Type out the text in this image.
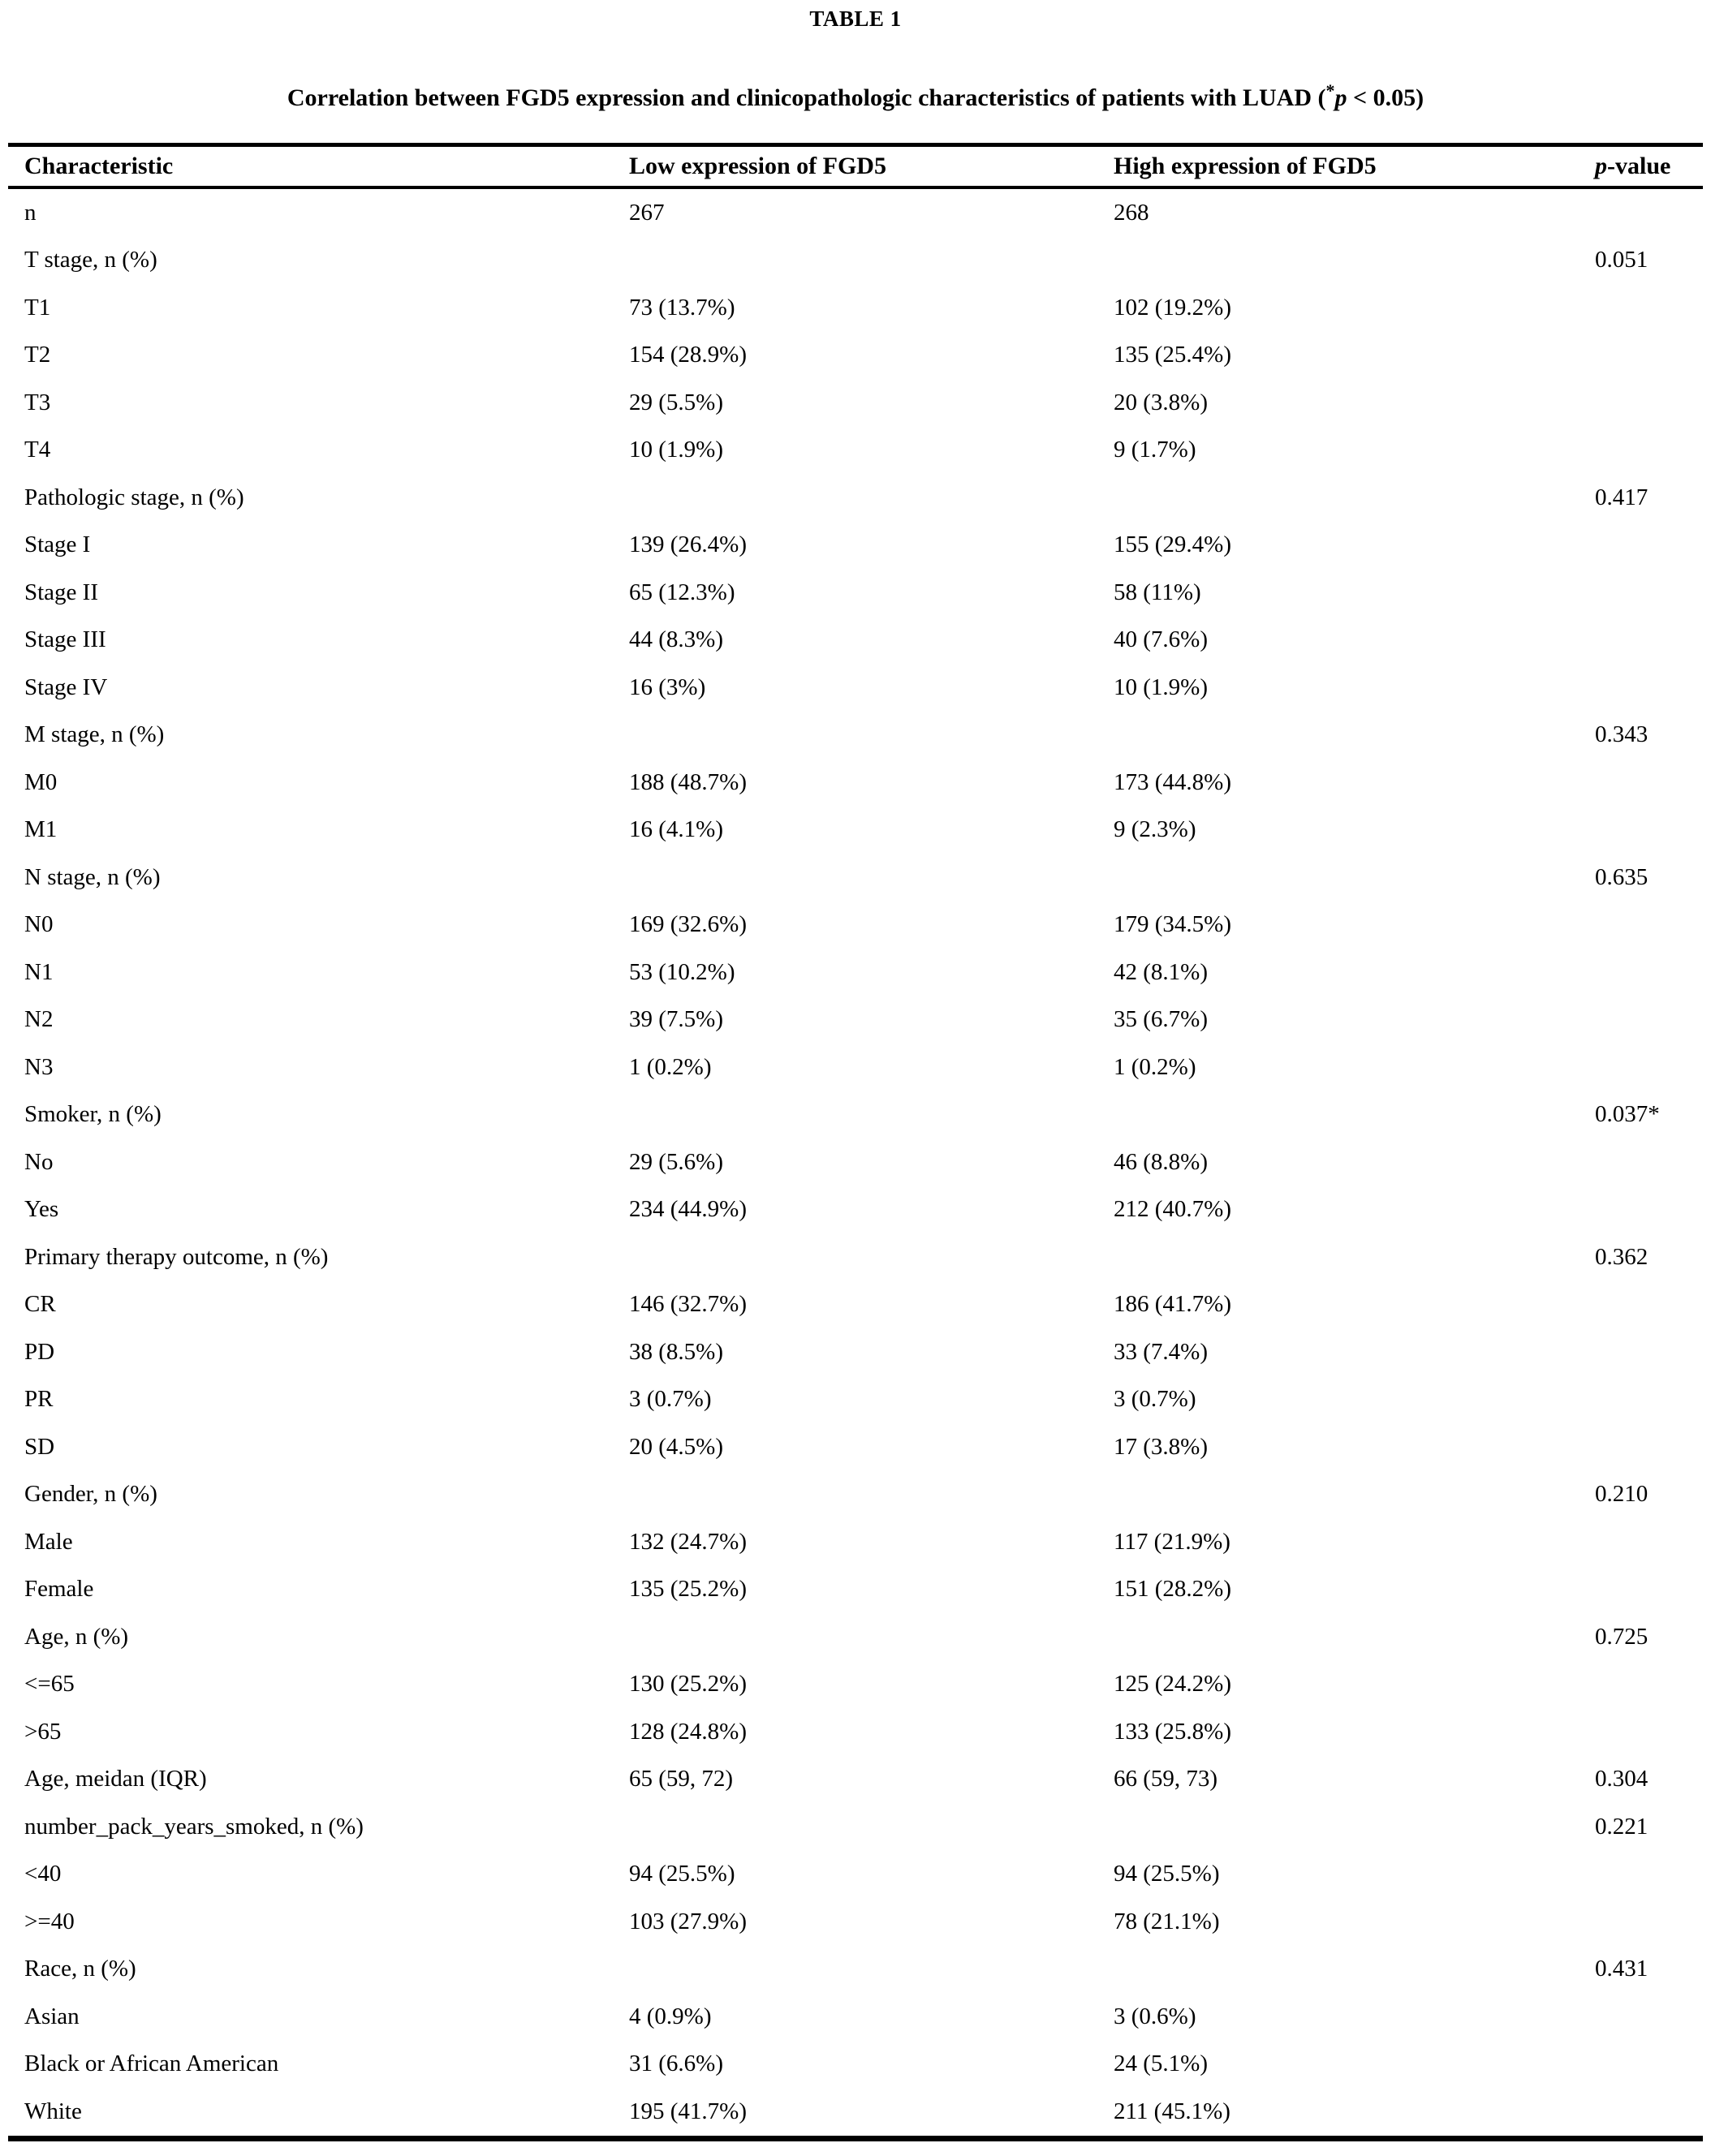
TABLE 1
Correlation between FGD5 expression and clinicopathologic characteristics of patients with LUAD (*p < 0.05)
Characteristic	Low expression of FGD5	High expression of FGD5	p-value
n	267	268	
T stage, n (%)			0.051
T1	73 (13.7%)	102 (19.2%)	
T2	154 (28.9%)	135 (25.4%)	
T3	29 (5.5%)	20 (3.8%)	
T4	10 (1.9%)	9 (1.7%)	
Pathologic stage, n (%)			0.417
Stage I	139 (26.4%)	155 (29.4%)	
Stage II	65 (12.3%)	58 (11%)	
Stage III	44 (8.3%)	40 (7.6%)	
Stage IV	16 (3%)	10 (1.9%)	
M stage, n (%)			0.343
M0	188 (48.7%)	173 (44.8%)	
M1	16 (4.1%)	9 (2.3%)	
N stage, n (%)			0.635
N0	169 (32.6%)	179 (34.5%)	
N1	53 (10.2%)	42 (8.1%)	
N2	39 (7.5%)	35 (6.7%)	
N3	1 (0.2%)	1 (0.2%)	
Smoker, n (%)			0.037*
No	29 (5.6%)	46 (8.8%)	
Yes	234 (44.9%)	212 (40.7%)	
Primary therapy outcome, n (%)			0.362
CR	146 (32.7%)	186 (41.7%)	
PD	38 (8.5%)	33 (7.4%)	
PR	3 (0.7%)	3 (0.7%)	
SD	20 (4.5%)	17 (3.8%)	
Gender, n (%)			0.210
Male	132 (24.7%)	117 (21.9%)	
Female	135 (25.2%)	151 (28.2%)	
Age, n (%)			0.725
<=65	130 (25.2%)	125 (24.2%)	
>65	128 (24.8%)	133 (25.8%)	
Age, meidan (IQR)	65 (59, 72)	66 (59, 73)	0.304
number_pack_years_smoked, n (%)			0.221
<40	94 (25.5%)	94 (25.5%)	
>=40	103 (27.9%)	78 (21.1%)	
Race, n (%)			0.431
Asian	4 (0.9%)	3 (0.6%)	
Black or African American	31 (6.6%)	24 (5.1%)	
White	195 (41.7%)	211 (45.1%)	
